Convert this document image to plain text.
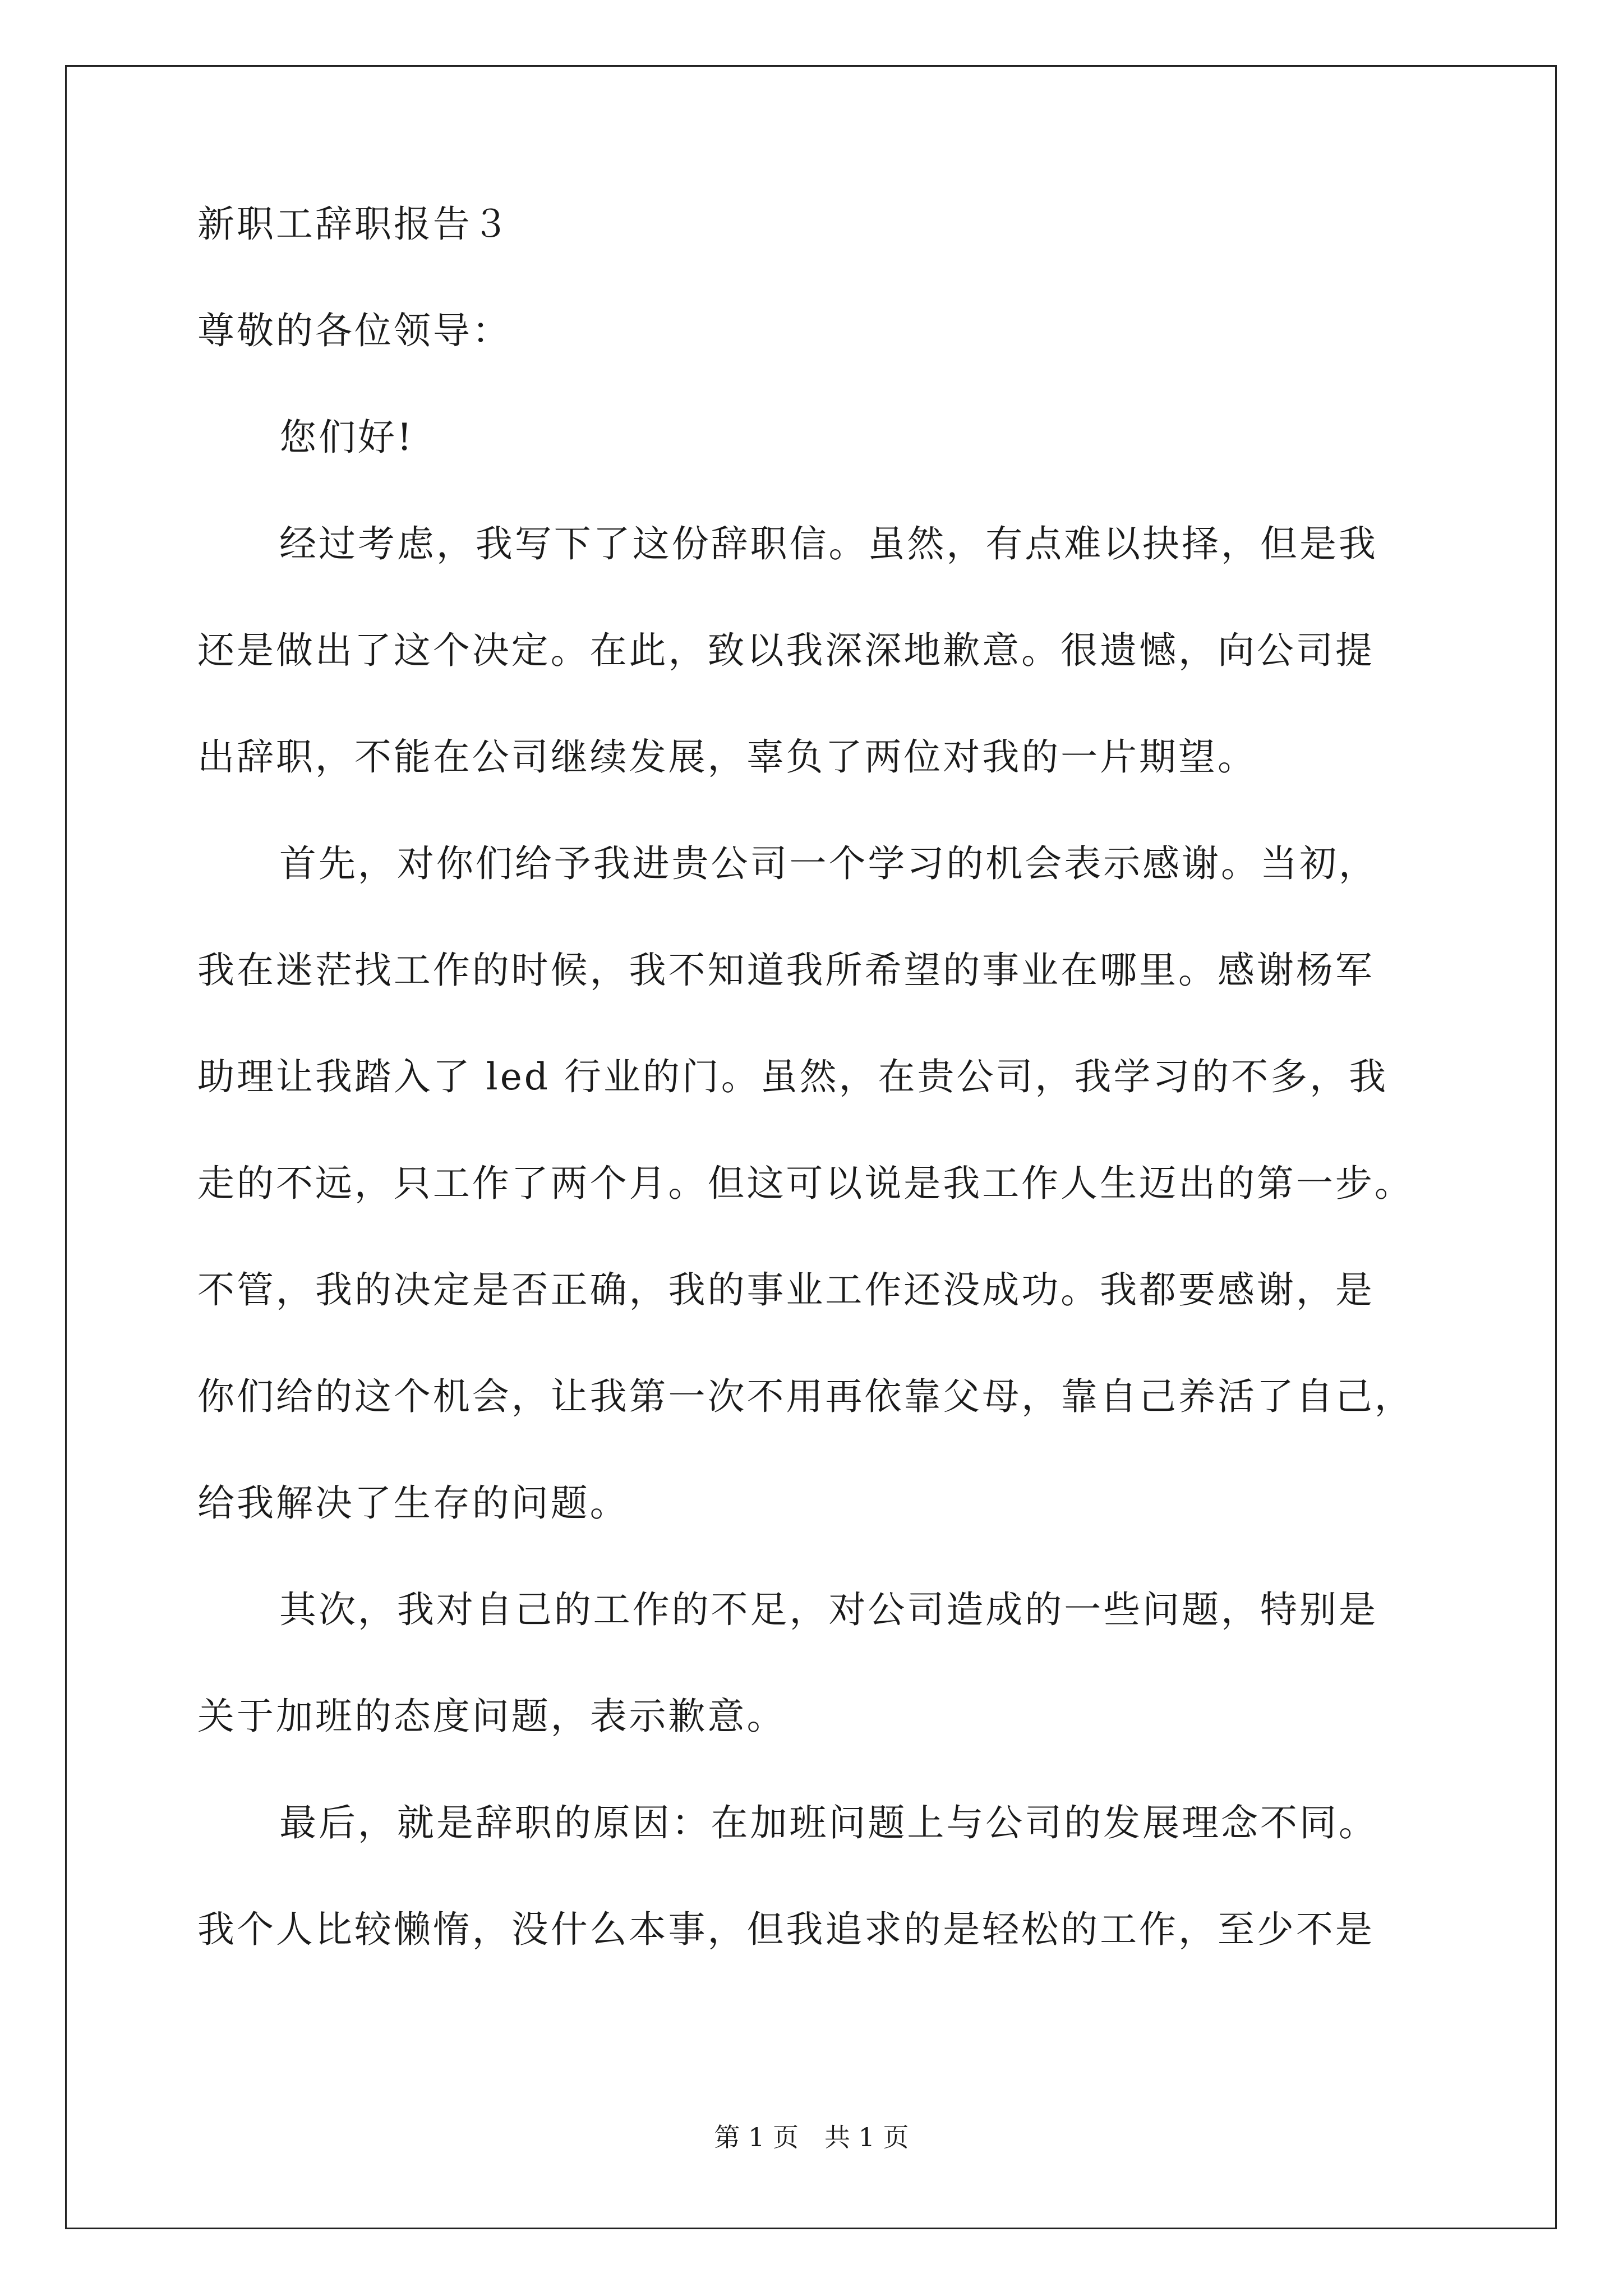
新职工辞职报告３
尊敬的各位领导：
您们好!
经过考虑，我写下了这份辞职信。虽然，有点难以抉择，但是我
还是做出了这个决定。在此，致以我深深地歉意。很遗憾，向公司提
出辞职，不能在公司继续发展，辜负了两位对我的一片期望。
首先，对你们给予我进贵公司一个学习的机会表示感谢。当初，
我在迷茫找工作的时候，我不知道我所希望的事业在哪里。感谢杨军
助理让我踏入了 led 行业的门。虽然，在贵公司，我学习的不多，我
走的不远，只工作了两个月。但这可以说是我工作人生迈出的第一步。
不管，我的决定是否正确，我的事业工作还没成功。我都要感谢，是
你们给的这个机会，让我第一次不用再依靠父母，靠自己养活了自己，
给我解决了生存的问题。
其次，我对自己的工作的不足，对公司造成的一些问题，特别是
关于加班的态度问题，表示歉意。
最后，就是辞职的原因：在加班问题上与公司的发展理念不同。
我个人比较懒惰，没什么本事，但我追求的是轻松的工作，至少不是
第 1 页　共 1 页
